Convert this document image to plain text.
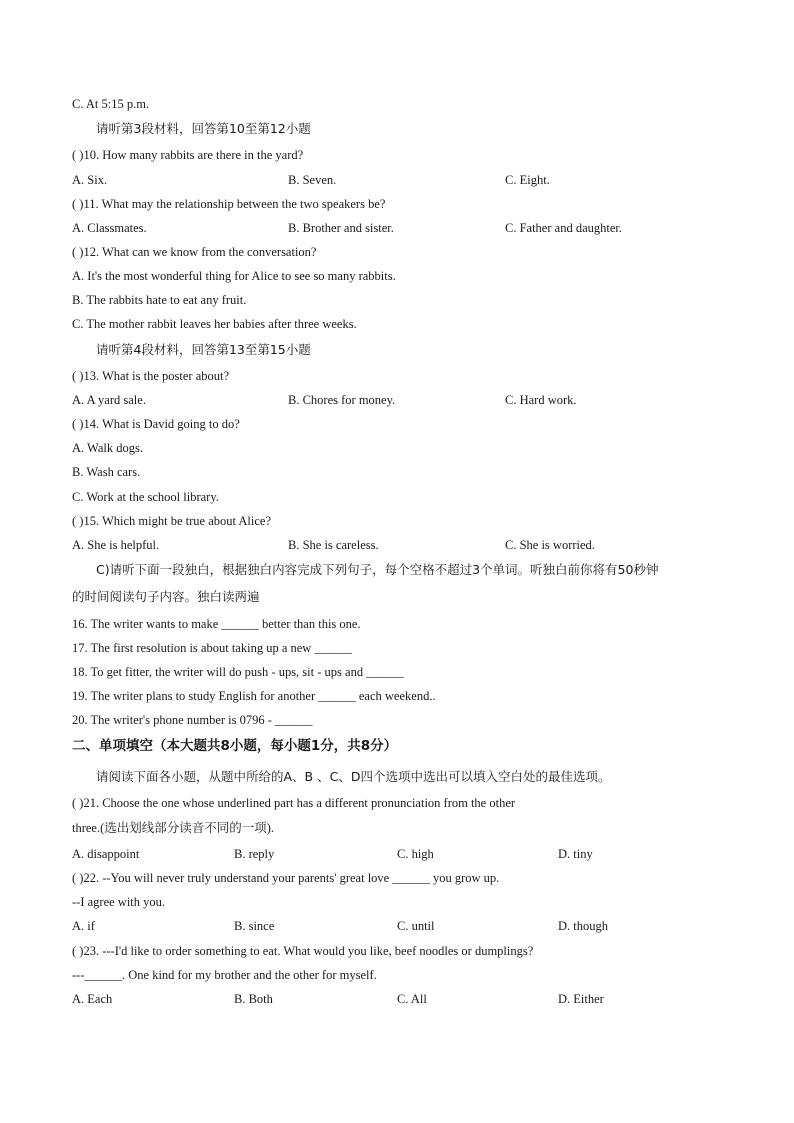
C. At 5:15 p.m.
请听第3段材料，回答第10至第12小题
( )10. How many rabbits are there in the yard?
A. Six.	B. Seven.	C. Eight.
( )11. What may the relationship between the two speakers be?
A. Classmates.	B. Brother and sister.	C. Father and daughter.
( )12. What can we know from the conversation?
A. It's the most wonderful thing for Alice to see so many rabbits.
B. The rabbits hate to eat any fruit.
C. The mother rabbit leaves her babies after three weeks.
请听第4段材料，回答第13至第15小题
( )13. What is the poster about?
A. A yard sale.	B. Chores for money.	C. Hard work.
( )14. What is David going to do?
A. Walk dogs.
B. Wash cars.
C. Work at the school library.
( )15. Which might be true about Alice?
A. She is helpful.	B. She is careless.	C. She is worried.
C)请听下面一段独白，根据独白内容完成下列句子，每个空格不超过3个单词。听独白前你将有50秒钟
的时间阅读句子内容。独白读两遍
16. The writer wants to make ______ better than this one.
17. The first resolution is about taking up a new ______
18. To get fitter, the writer will do push - ups, sit - ups and ______
19. The writer plans to study English for another ______ each weekend..
20. The writer's phone number is 0796 - ______
二、单项填空（本大题共8小题，每小题1分，共8分）
请阅读下面各小题，从题中所给的A、B 、C、D四个选项中选出可以填入空白处的最佳选项。
( )21. Choose the one whose underlined part has a different pronunciation from the other
three.(选出划线部分读音不同的一项).
A. disappoint	B. reply	C. high	D. tiny
( )22. --You will never truly understand your parents' great love ______ you grow up.
--I agree with you.
A. if	B. since	C. until	D. though
( )23. ---I'd like to order something to eat. What would you like, beef noodles or dumplings?
---______. One kind for my brother and the other for myself.
A. Each	B. Both	C. All	D. Either
